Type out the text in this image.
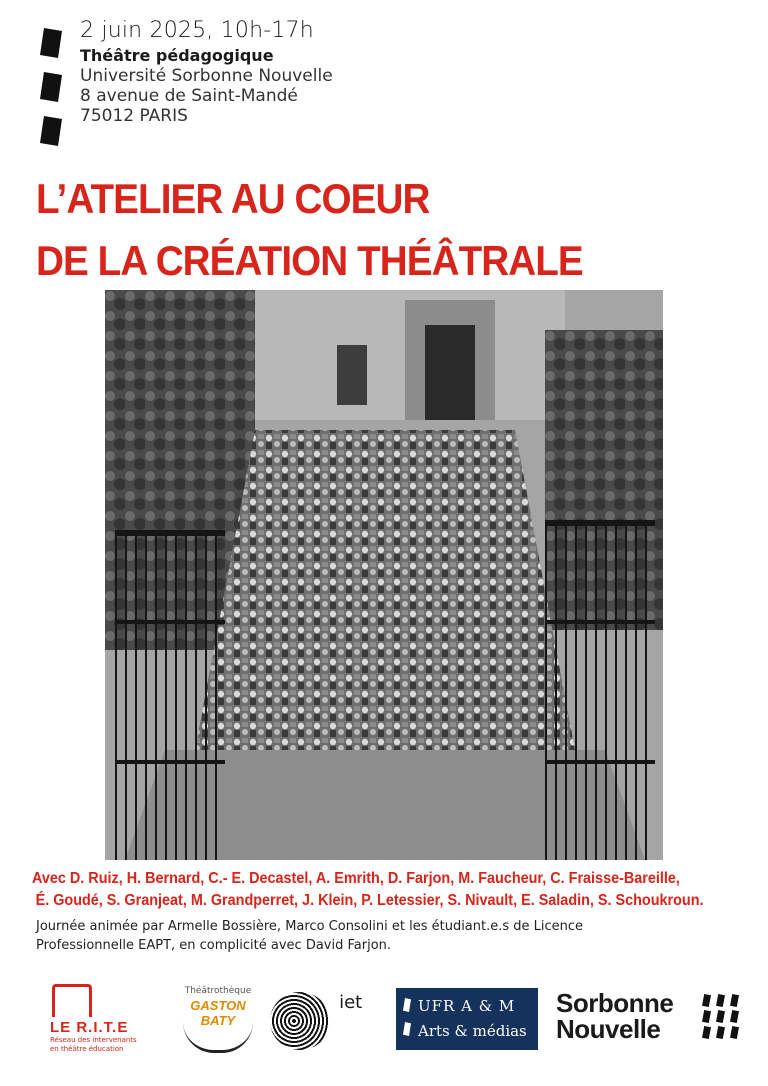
2 juin 2025, 10h-17h
Théâtre pédagogique
Université Sorbonne Nouvelle
8 avenue de Saint-Mandé
75012 PARIS
L’ATELIER AU COEUR
DE LA CRÉATION THÉÂTRALE
Avec D. Ruiz, H. Bernard, C.- E. Decastel, A. Emrith, D. Farjon, M. Faucheur, C. Fraisse-Bareille,
É. Goudé, S. Granjeat, M. Grandperret, J. Klein, P. Letessier, S. Nivault, E. Saladin, S. Schoukroun.
Journée animée par Armelle Bossière, Marco Consolini et les étudiant.e.s de Licence
Professionnelle EAPT, en complicité avec David Farjon.
LE R.I.T.E
Réseau des intervenants
en théâtre éducation
Théâtrothèque
GASTON BATY
iet	UFR A & M
Arts & médias
Sorbonne
Nouvelle
